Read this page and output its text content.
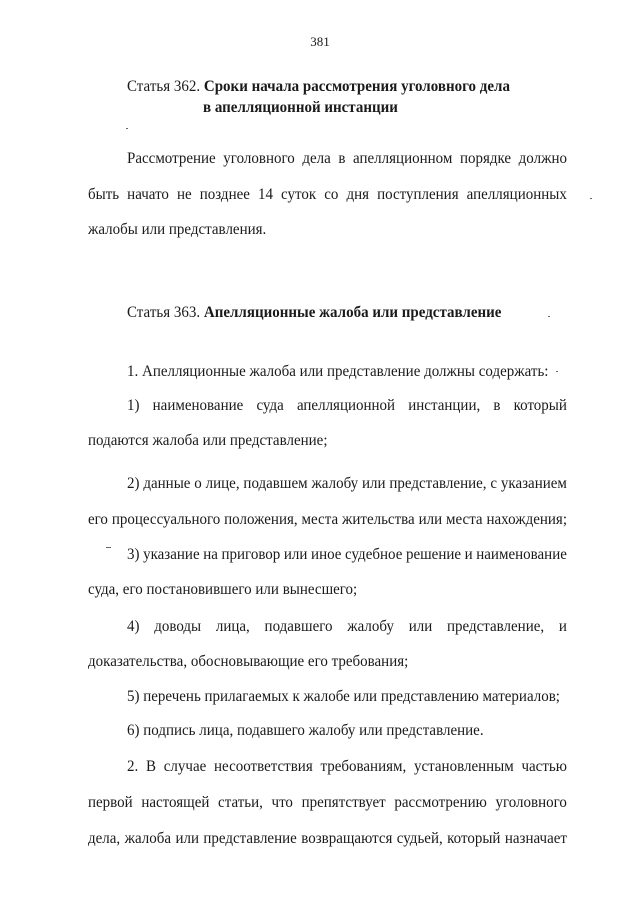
381
Статья 362. Сроки начала рассмотрения уголовного дела
в апелляционной инстанции
Рассмотрение уголовного дела в апелляционном порядке должно
быть начато не позднее 14 суток со дня поступления апелляционных
жалобы или представления.
Статья 363. Апелляционные жалоба или представление
1. Апелляционные жалоба или представление должны содержать:
1) наименование суда апелляционной инстанции, в который
подаются жалоба или представление;
2) данные о лице, подавшем жалобу или представление, с указанием
его процессуального положения, места жительства или места нахождения;
3) указание на приговор или иное судебное решение и наименование
суда, его постановившего или вынесшего;
4) доводы лица, подавшего жалобу или представление, и
доказательства, обосновывающие его требования;
5) перечень прилагаемых к жалобе или представлению материалов;
6) подпись лица, подавшего жалобу или представление.
2. В случае несоответствия требованиям, установленным частью
первой настоящей статьи, что препятствует рассмотрению уголовного
дела, жалоба или представление возвращаются судьей, который назначает
